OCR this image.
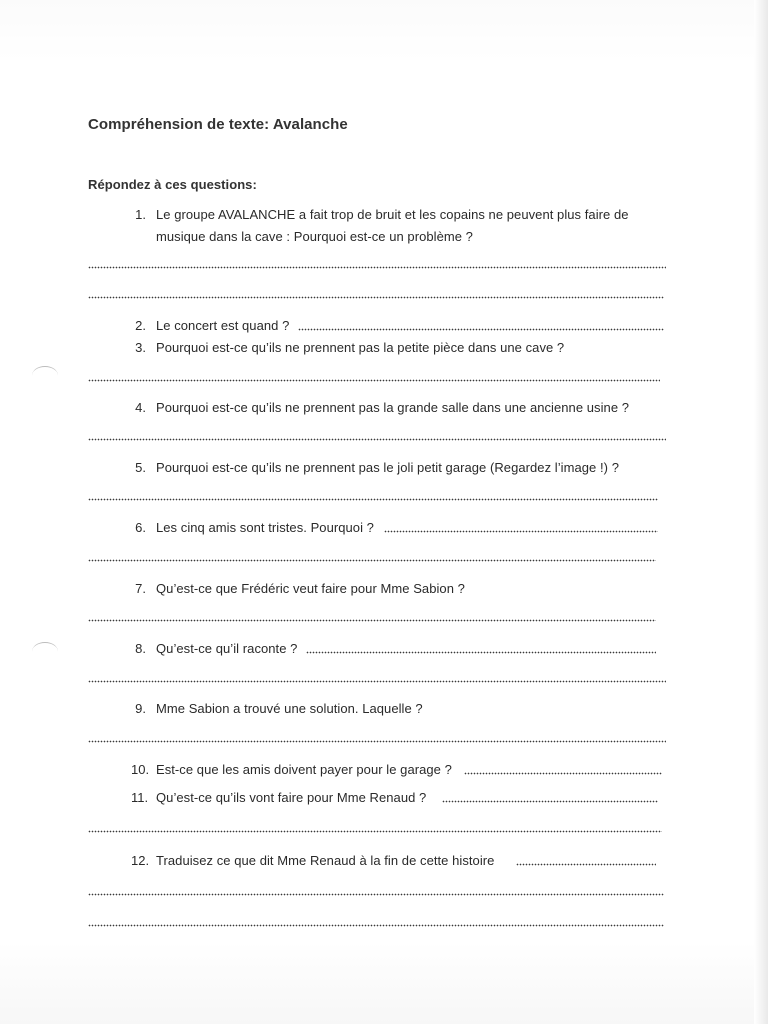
Compréhension de texte: Avalanche
Répondez à ces questions:
1. Le groupe AVALANCHE a fait trop de bruit et les copains ne peuvent plus faire de
musique dans la cave : Pourquoi est-ce un problème ?
2. Le concert est quand ?
3. Pourquoi est-ce qu’ils ne prennent pas la petite pièce dans une cave ?
4. Pourquoi est-ce qu’ils ne prennent pas la grande salle dans une ancienne usine ?
5. Pourquoi est-ce qu’ils ne prennent pas le joli petit garage (Regardez l’image !) ?
6. Les cinq amis sont tristes. Pourquoi ?
7. Qu’est-ce que Frédéric veut faire pour Mme Sabion ?
8. Qu’est-ce qu’il raconte ?
9. Mme Sabion a trouvé une solution. Laquelle ?
10. Est-ce que les amis doivent payer pour le garage ?
11. Qu’est-ce qu’ils vont faire pour Mme Renaud ?
12. Traduisez ce que dit Mme Renaud à la fin de cette histoire
